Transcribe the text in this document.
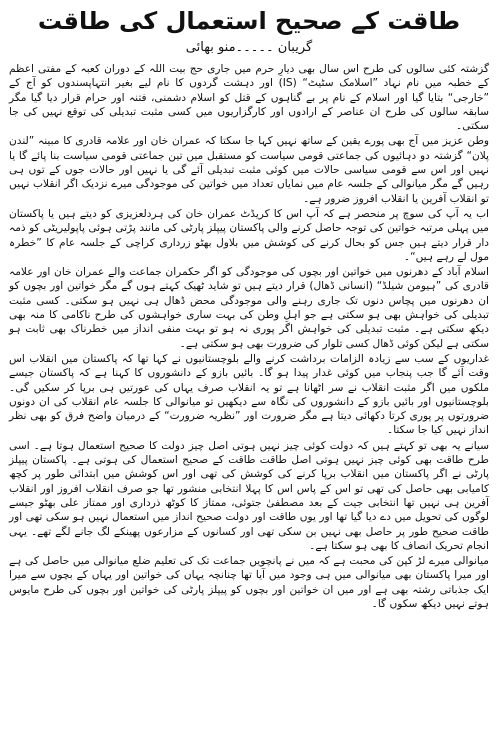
طاقت کے صحیح استعمال کی طاقت
گریبان ۔۔۔۔۔منو بھائی

گزشتہ کئی سالوں کی طرح اس سال بھی دیارِ حرم میں جاری حج بیت اللہ کے دوران کعبہ کے مفتی اعظم کے خطبہ میں نام نہاد ”اسلامک سٹیٹ“ (IS) اور دہشت گردوں کا نام لیے بغیر انتہاپسندوں کو آج کے ”خارجی“ بتایا گیا اور اسلام کے نام پر بے گناہوں کے قتل کو اسلام دشمنی، فتنہ اور حرام قرار دیا گیا مگر سابقہ سالوں کی طرح ان عناصر کے ارادوں اور کارگزاریوں میں کسی مثبت تبدیلی کی توقع نہیں کی جا سکتی۔

وطن عزیز میں آج بھی پورے یقین کے ساتھ نہیں کہا جا سکتا کہ عمران خان اور علامہ قادری کا مبینہ ”لندن پلان“ گزشتہ دو دہائیوں کی جماعتی قومی سیاست کو مستقبل میں تین جماعتی قومی سیاست بنا پائے گا یا نہیں اور اس سے قومی سیاسی حالات میں کوئی مثبت تبدیلی آئے گی یا نہیں اور حالات جوں کے توں ہی رہیں گے مگر میانوالی کے جلسہ عام میں نمایاں تعداد میں خواتین کی موجودگی میرے نزدیک اگر انقلاب نہیں تو انقلاب آفرین یا انقلاب افروز ضرور ہے۔

اب یہ آپ کی سوچ پر منحصر ہے کہ آپ اس کا کریڈٹ عمران خان کی ہردلعزیزی کو دیتے ہیں یا پاکستان میں پہلی مرتبہ خواتین کی توجہ حاصل کرنے والی پاکستان پیپلز پارٹی کی مانند پڑتی ہوئی پاپولیریٹی کو ذمہ دار قرار دیتے ہیں جس کو بحال کرنے کی کوشش میں بلاول بھٹو زرداری کراچی کے جلسہ عام کا ”خطرہ مول لے رہے ہیں“۔

اسلام آباد کے دھرنوں میں خواتین اور بچوں کی موجودگی کو اگر حکمران جماعت والے عمران خان اور علامہ قادری کی ”ہیومن شیلڈ“ (انسانی ڈھال) قرار دیتے ہیں تو شاید ٹھیک کہتے ہوں گے مگر خواتین اور بچوں کو ان دھرنوں میں پچاس دنوں تک جاری رہنے والی موجودگی محض ڈھال ہی نہیں ہو سکتی۔ کسی مثبت تبدیلی کی خواہش بھی ہو سکتی ہے جو اہلِ وطن کی بہت ساری خواہشوں کی طرح ناکامی کا منہ بھی دیکھ سکتی ہے۔ مثبت تبدیلی کی خواہش اگر پوری نہ ہو تو بہت منفی انداز میں خطرناک بھی ثابت ہو سکتی ہے لیکن کوئی ڈھال کسی تلوار کی ضرورت بھی ہو سکتی ہے۔

غداریوں کے سب سے زیادہ الزامات برداشت کرنے والے بلوچستانیوں نے کہا تھا کہ پاکستان میں انقلاب اس وقت آئے گا جب پنجاب میں کوئی غدار پیدا ہو گا۔ بائیں بازو کے دانشوروں کا کہنا ہے کہ پاکستان جیسے ملکوں میں اگر مثبت انقلاب نے سر اٹھانا ہے تو یہ انقلاب صرف یہاں کی عورتیں ہی برپا کر سکیں گی۔ بلوچستانیوں اور بائیں بازو کے دانشوروں کی نگاہ سے دیکھیں تو میانوالی کا جلسہ عام انقلاب کی ان دونوں ضرورتوں پر پوری کرتا دکھائی دیتا ہے مگر ضرورت اور ”نظریہ ضرورت“ کے درمیان واضح فرق کو بھی نظر انداز نہیں کیا جا سکتا۔

سیانے یہ بھی تو کہتے ہیں کہ دولت کوئی چیز نہیں ہوتی اصل چیز دولت کا صحیح استعمال ہوتا ہے۔ اسی طرح طاقت بھی کوئی چیز نہیں ہوتی اصل طاقت طاقت کے صحیح استعمال کی ہوتی ہے۔ پاکستان پیپلز پارٹی نے اگر پاکستان میں انقلاب برپا کرنے کی کوشش کی تھی اور اس کوشش میں ابتدائی طور پر کچھ کامیابی بھی حاصل کی تھی تو اس کے پاس اس کا پہلا انتخابی منشور تھا جو صرف انقلاب افروز اور انقلاب آفرین ہی نہیں تھا انتخابی جیت کے بعد مصطفیٰ جتوئی، ممتاز کا کوٹھ ذرداری اور ممتاز علی بھٹو جیسے لوگوں کی تحویل میں دے دیا گیا تھا اور یوں طاقت اور دولت صحیح انداز میں استعمال نہیں ہو سکی تھی اور طاقت صحیح طور پر حاصل بھی نہیں بن سکی تھی اور کسانوں کے مزارعوں پھینکے لگ جانے لگے تھے۔ یہی انجام تحریک انصاف کا بھی ہو سکتا ہے۔

میانوالی میرے لڑ کپن کی محبت ہے کہ میں نے پانچویں جماعت تک کی تعلیم ضلع میانوالی میں حاصل کی ہے اور میرا پاکستان بھی میانوالی میں ہی وجود میں آیا تھا چنانچہ یہاں کی خواتین اور یہاں کے بچوں سے میرا ایک جذباتی رشتہ بھی ہے اور میں ان خواتین اور بچوں کو پیپلز پارٹی کی خواتین اور بچوں کی طرح مایوس ہوتے نہیں دیکھ سکوں گا۔
